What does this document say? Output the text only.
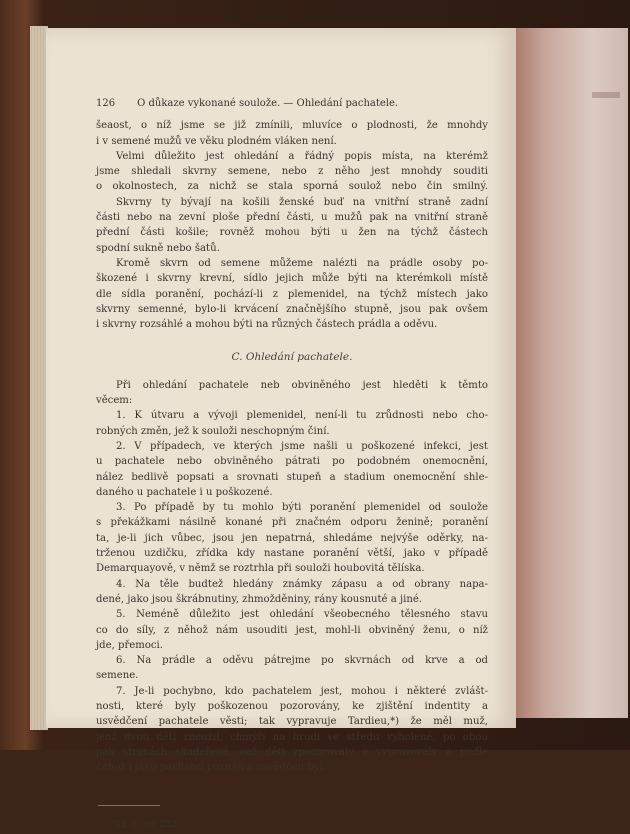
126 O důkaze vykonané soulože. — Ohledání pachatele.
šeaost, o níž jsme se již zmínili, mluvíce o plodnosti, že mnohdy
i v semené mužů ve věku plodném vláken není.
Velmi důležito jest ohledání a řádný popis místa, na kterémž
jsme shledali skvrny semene, nebo z něho jest mnohdy souditi
o okolnostech, za nichž se stala sporná soulož nebo čin smilný.
Skvrny ty bývají na košili ženské buď na vnitřní straně zadní
části nebo na zevní ploše přední části, u mužů pak na vnitřní straně
přední části košile; rovněž mohou býti u žen na týchž částech
spodní sukně nebo šatů.
Kromě skvrn od semene můžeme nalézti na prádle osoby po-
škozené i skvrny krevní, sídlo jejich může býti na kterémkoli místě
dle sídla poranění, pochází-li z plemenidel, na týchž místech jako
skvrny semenné, bylo-li krvácení značnějšího stupně, jsou pak ovšem
i skvrny rozsáhlé a mohou býti na různých částech prádla a oděvu.
C. Ohledání pachatele.
Při ohledání pachatele neb obviněného jest hleděti k těmto
věcem:
1. K útvaru a vývoji plemenidel, není-li tu zrůdnosti nebo cho-
robných změn, jež k souloži neschopným činí.
2. V případech, ve kterých jsme našli u poškozené infekci, jest
u pachatele nebo obviněného pátrati po podobném onemocnění,
nález bedlivě popsati a srovnati stupeň a stadium onemocnění shle-
daného u pachatele i u poškozené.
3. Po případě by tu mohlo býti poranění plemenidel od soulože
s překážkami násilně konané při značném odporu ženině; poranění
ta, je-li jich vůbec, jsou jen nepatrná, shledáme nejvýše oděrky, na-
trženou uzdičku, zřídka kdy nastane poranění větší, jako v případě
Demarquayově, v němž se roztrhla při souloži houbovitá tělíska.
4. Na těle budtež hledány známky zápasu a od obrany napa-
dené, jako jsou škrábnutiny, zhmožděniny, rány kousnuté a jiné.
5. Neméně důležito jest ohledání všeobecného tělesného stavu
co do síly, z něhož nám usouditi jest, mohl-li obviněný ženu, o níž
jde, přemoci.
6. Na prádle a oděvu pátrejme po skvrnách od krve a od
semene.
7. Je-li pochybno, kdo pachatelem jest, mohou i některé zvlášt-
nosti, které byly poškozenou pozorovány, ke zjištění indentity a
usvědčení pachatele věsti; tak vypravuje Tardieu,*) že měl muž,
jenž dvou dětí zneužil, chmýří na hrudi ve středu vyholené, po obou
pak stranách skadeřené, což děti zpozorovaly a vypravovaly a podle
čehož i jako pachatel poznán a usvědčen byl.
*) l. c. str. 252.
